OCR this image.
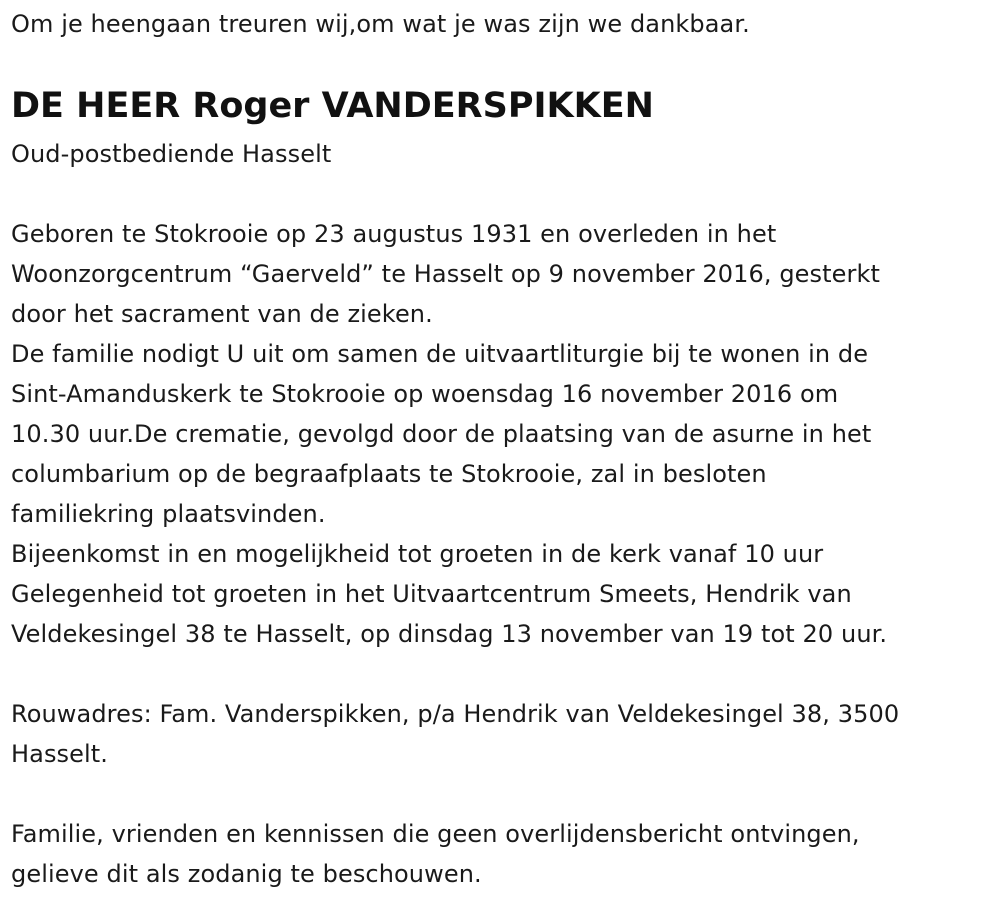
Om je heengaan treuren wij,om wat je was zijn we dankbaar.

DE HEER Roger VANDERSPIKKEN

Oud-postbediende Hasselt

Geboren te Stokrooie op 23 augustus 1931 en overleden in het

Woonzorgcentrum “Gaerveld” te Hasselt op 9 november 2016, gesterkt

door het sacrament van de zieken.

De familie nodigt U uit om samen de uitvaartliturgie bij te wonen in de

Sint-Amanduskerk te Stokrooie op woensdag 16 november 2016 om

10.30 uur.De crematie, gevolgd door de plaatsing van de asurne in het

columbarium op de begraafplaats te Stokrooie, zal in besloten

familiekring plaatsvinden.

Bijeenkomst in en mogelijkheid tot groeten in de kerk vanaf 10 uur

Gelegenheid tot groeten in het Uitvaartcentrum Smeets, Hendrik van

Veldekesingel 38 te Hasselt, op dinsdag 13 november van 19 tot 20 uur.

Rouwadres: Fam. Vanderspikken, p/a Hendrik van Veldekesingel 38, 3500

Hasselt.

Familie, vrienden en kennissen die geen overlijdensbericht ontvingen,

gelieve dit als zodanig te beschouwen.
